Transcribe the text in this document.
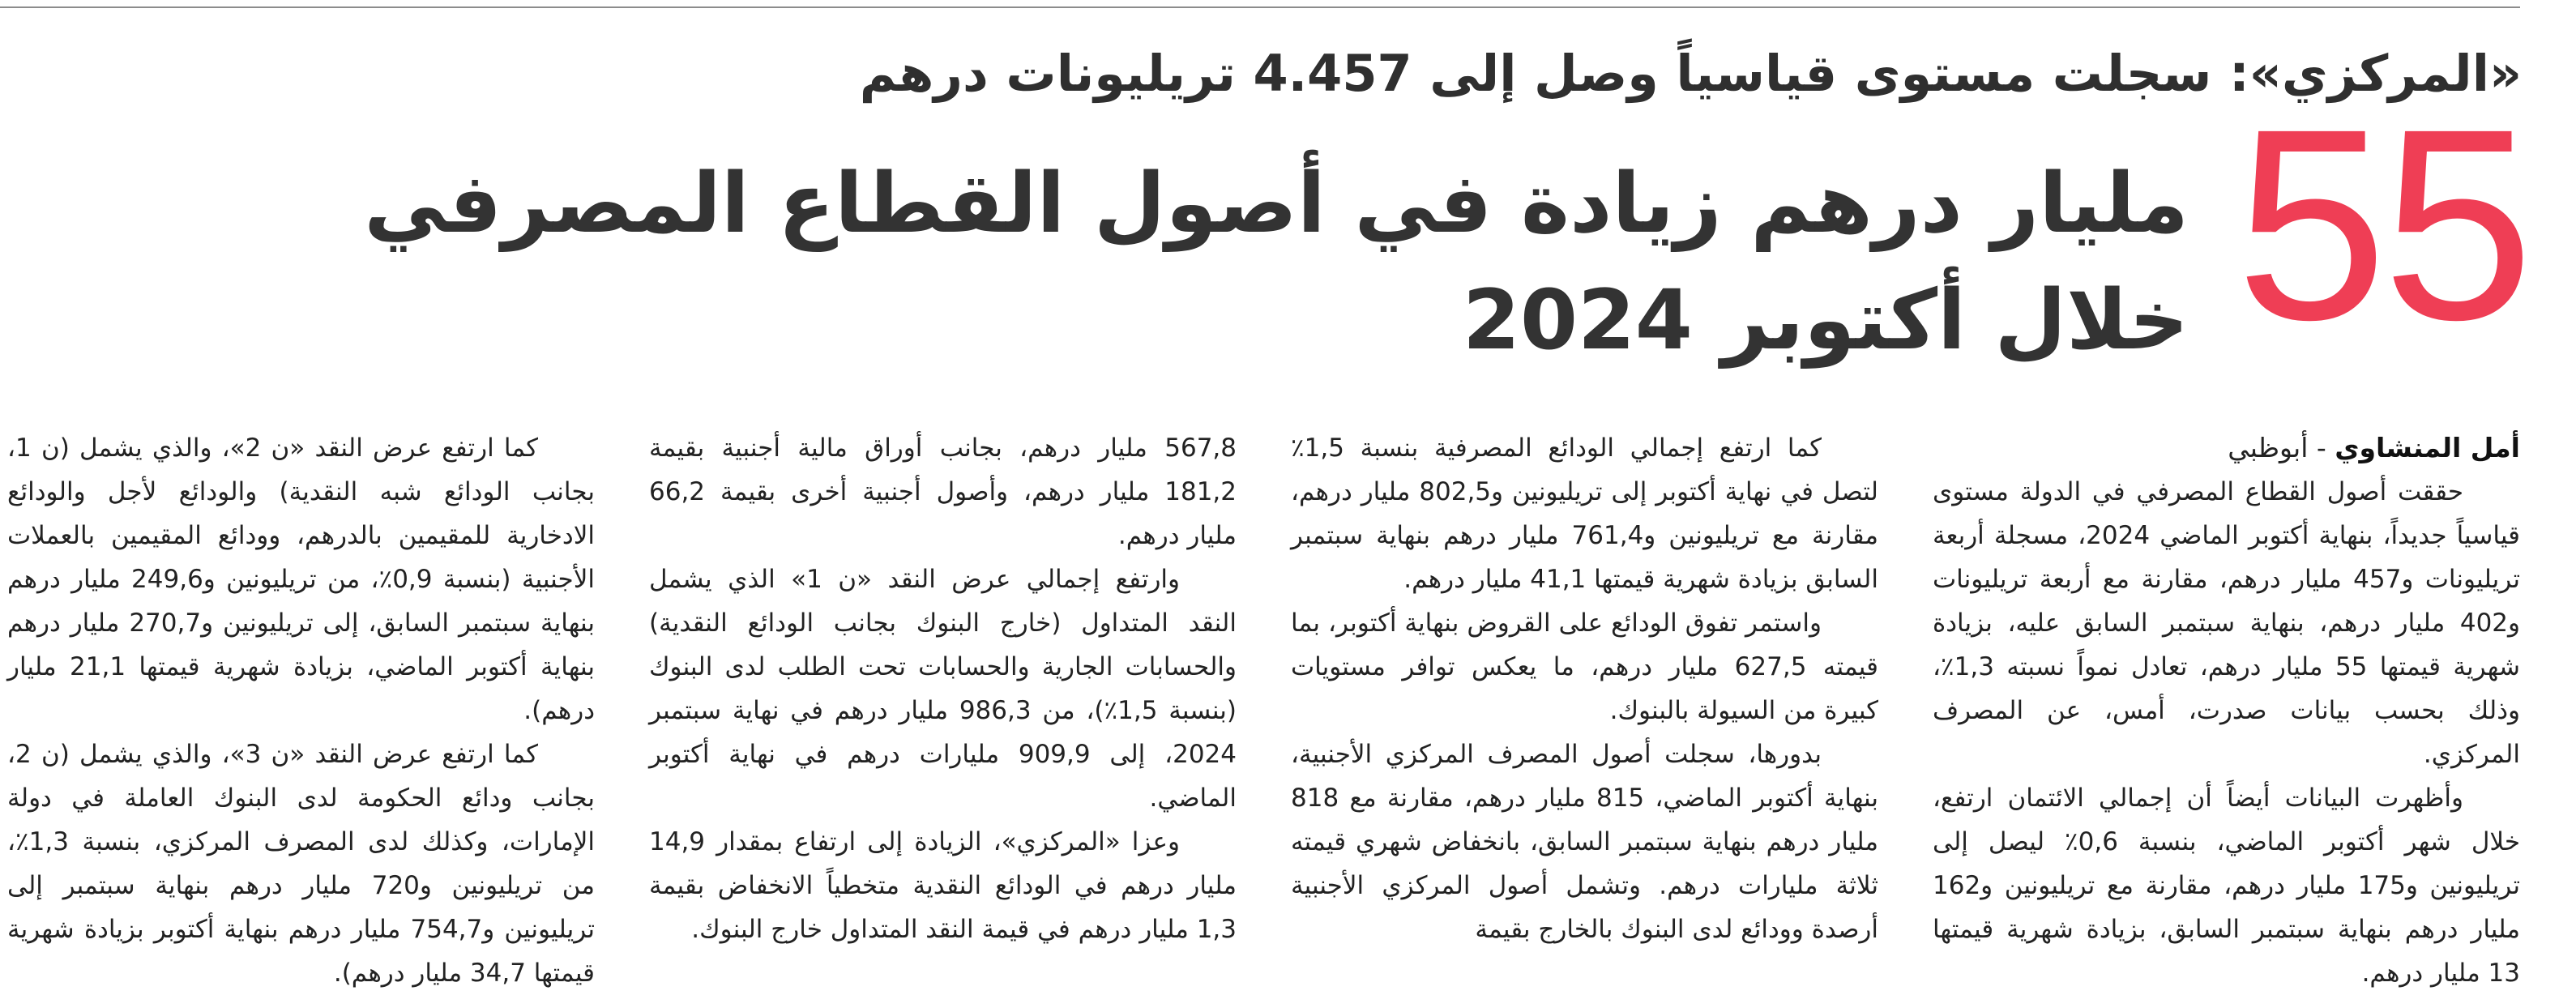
«المركزي»: سجلت مستوى قياسياً وصل إلى 4.457 تريليونات درهم
55
مليار درهم زيادة في أصول القطاع المصرفي
خلال أكتوبر 2024
أمل المنشاوي - أبوظبي

حققت أصول القطاع المصرفي في الدولة مستوى قياسياً جديداً، بنهاية أكتوبر الماضي 2024، مسجلة أربعة تريليونات و457 مليار درهم، مقارنة مع أربعة تريليونات و402 مليار درهم، بنهاية سبتمبر السابق عليه، بزيادة شهرية قيمتها 55 مليار درهم، تعادل نمواً نسبته 1,3٪، وذلك بحسب بيانات صدرت، أمس، عن المصرف المركزي.

وأظهرت البيانات أيضاً أن إجمالي الائتمان ارتفع، خلال شهر أكتوبر الماضي، بنسبة 0,6٪ ليصل إلى تريليونين و175 مليار درهم، مقارنة مع تريليونين و162 مليار درهم بنهاية سبتمبر السابق، بزيادة شهرية قيمتها 13 مليار درهم.

كما ارتفع إجمالي الودائع المصرفية بنسبة 1,5٪ لتصل في نهاية أكتوبر إلى تريليونين و802,5 مليار درهم، مقارنة مع تريليونين و761,4 مليار درهم بنهاية سبتمبر السابق بزيادة شهرية قيمتها 41,1 مليار درهم.

واستمر تفوق الودائع على القروض بنهاية أكتوبر، بما قيمته 627,5 مليار درهم، ما يعكس توافر مستويات كبيرة من السيولة بالبنوك.

بدورها، سجلت أصول المصرف المركزي الأجنبية، بنهاية أكتوبر الماضي، 815 مليار درهم، مقارنة مع 818 مليار درهم بنهاية سبتمبر السابق، بانخفاض شهري قيمته ثلاثة مليارات درهم. وتشمل أصول المركزي الأجنبية أرصدة وودائع لدى البنوك بالخارج بقيمة

567,8 مليار درهم، بجانب أوراق مالية أجنبية بقيمة 181,2 مليار درهم، وأصول أجنبية أخرى بقيمة 66,2 مليار درهم.

وارتفع إجمالي عرض النقد «ن 1» الذي يشمل النقد المتداول (خارج البنوك بجانب الودائع النقدية) والحسابات الجارية والحسابات تحت الطلب لدى البنوك (بنسبة 1,5٪)، من 986,3 مليار درهم في نهاية سبتمبر 2024، إلى 909,9 مليارات درهم في نهاية أكتوبر الماضي.

وعزا «المركزي»، الزيادة إلى ارتفاع بمقدار 14,9 مليار درهم في الودائع النقدية متخطياً الانخفاض بقيمة 1,3 مليار درهم في قيمة النقد المتداول خارج البنوك.

كما ارتفع عرض النقد «ن 2»، والذي يشمل (ن 1، بجانب الودائع شبه النقدية) والودائع لأجل والودائع الادخارية للمقيمين بالدرهم، وودائع المقيمين بالعملات الأجنبية (بنسبة 0,9٪، من تريليونين و249,6 مليار درهم بنهاية سبتمبر السابق، إلى تريليونين و270,7 مليار درهم بنهاية أكتوبر الماضي، بزيادة شهرية قيمتها 21,1 مليار درهم).

كما ارتفع عرض النقد «ن 3»، والذي يشمل (ن 2، بجانب ودائع الحكومة لدى البنوك العاملة في دولة الإمارات، وكذلك لدى المصرف المركزي، بنسبة 1,3٪، من تريليونين و720 مليار درهم بنهاية سبتمبر إلى تريليونين و754,7 مليار درهم بنهاية أكتوبر بزيادة شهرية قيمتها 34,7 مليار درهم).
